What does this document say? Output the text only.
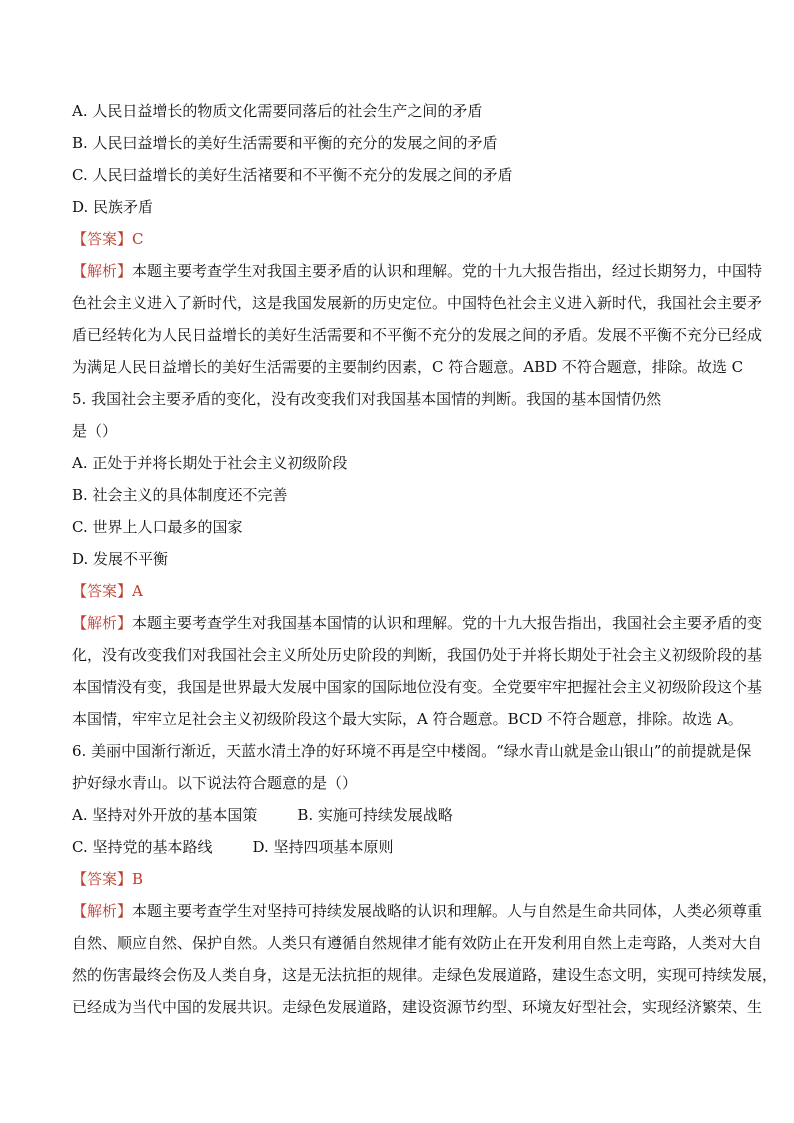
A. 人民日益增长的物质文化需要同落后的社会生产之间的矛盾
B. 人民曰益增长的美好生活需要和平衡的充分的发展之间的矛盾
C. 人民曰益增长的美好生活褚要和不平衡不充分的发展之间的矛盾
D. 民族矛盾
【答案】C
【解析】本题主要考查学生对我国主要矛盾的认识和理解。党的十九大报告指出，经过长期努力，中国特
色社会主义进入了新时代，这是我国发展新的历史定位。中国特色社会主义进入新时代，我国社会主要矛
盾已经转化为人民日益增长的美好生活需要和不平衡不充分的发展之间的矛盾。发展不平衡不充分已经成
为满足人民日益增长的美好生活需要的主要制约因素，C 符合题意。ABD 不符合题意，排除。故选 C
5. 我国社会主要矛盾的变化，没有改变我们对我国基本国情的判断。我国的基本国情仍然
是（）
A. 正处于并将长期处于社会主义初级阶段
B. 社会主义的具体制度还不完善
C. 世界上人口最多的国家
D. 发展不平衡
【答案】A
【解析】本题主要考查学生对我国基本国情的认识和理解。党的十九大报告指出，我国社会主要矛盾的变
化，没有改变我们对我国社会主义所处历史阶段的判断，我国仍处于并将长期处于社会主义初级阶段的基
本国情没有变，我国是世界最大发展中国家的国际地位没有变。全党要牢牢把握社会主义初级阶段这个基
本国情，牢牢立足社会主义初级阶段这个最大实际，A 符合题意。BCD 不符合题意，排除。故选 A。
6. 美丽中国渐行渐近，天蓝水清土净的好环境不再是空中楼阁。“绿水青山就是金山银山”的前提就是保
护好绿水青山。以下说法符合题意的是（）
A. 坚持对外开放的基本国策	B. 实施可持续发展战略
C. 坚持党的基本路线	D. 坚持四项基本原则
【答案】B
【解析】本题主要考查学生对坚持可持续发展战略的认识和理解。人与自然是生命共同体，人类必须尊重
自然、顺应自然、保护自然。人类只有遵循自然规律才能有效防止在开发利用自然上走弯路，人类对大自
然的伤害最终会伤及人类自身，这是无法抗拒的规律。走绿色发展道路，建设生态文明，实现可持续发展，
已经成为当代中国的发展共识。走绿色发展道路，建设资源节约型、环境友好型社会，实现经济繁荣、生
